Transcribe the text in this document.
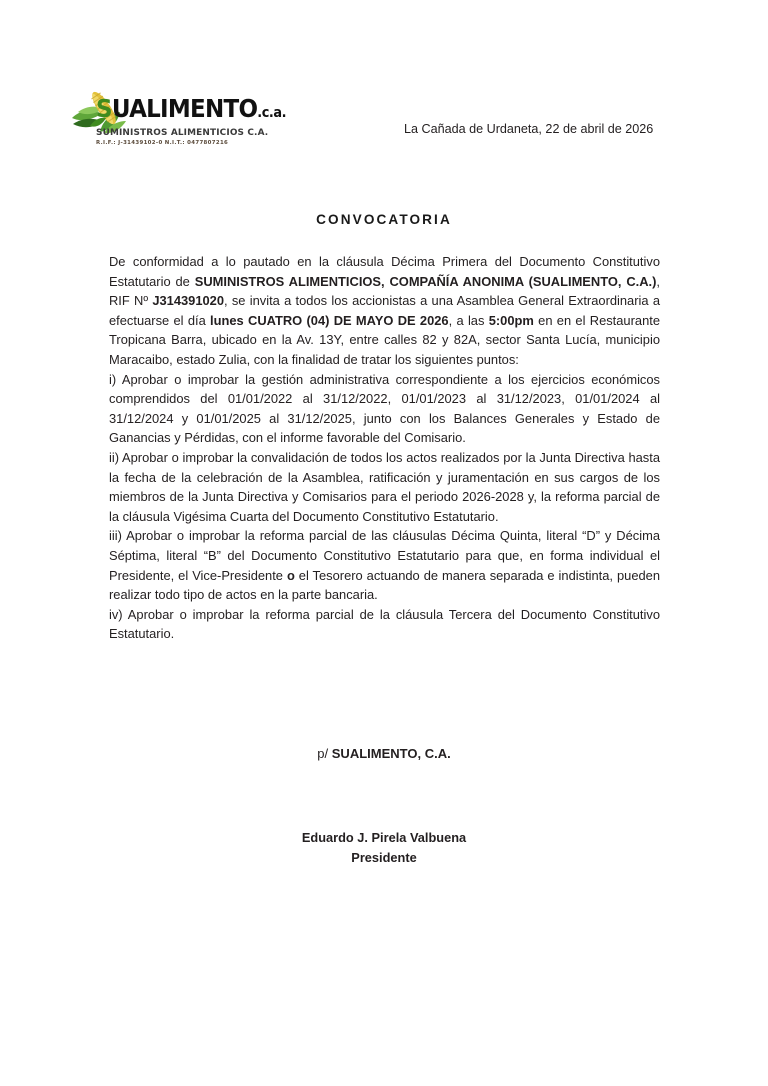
SUALIMENTO.c.a.
SUMINISTROS ALIMENTICIOS C.A.
R.I.F.: J-31439102-0 N.I.T.: 0477807216
La Cañada de Urdaneta, 22 de abril de 2026
CONVOCATORIA

De conformidad a lo pautado en la cláusula Décima Primera del Documento Constitutivo Estatutario de SUMINISTROS ALIMENTICIOS, COMPAÑÍA ANONIMA (SUALIMENTO, C.A.), RIF Nº J314391020, se invita a todos los accionistas a una Asamblea General Extraordinaria a efectuarse el día lunes CUATRO (04) DE MAYO DE 2026, a las 5:00pm en en el Restaurante Tropicana Barra, ubicado en la Av. 13Y, entre calles 82 y 82A, sector Santa Lucía, municipio Maracaibo, estado Zulia, con la finalidad de tratar los siguientes puntos:

i) Aprobar o improbar la gestión administrativa correspondiente a los ejercicios económicos comprendidos del 01/01/2022 al 31/12/2022, 01/01/2023 al 31/12/2023, 01/01/2024 al 31/12/2024 y 01/01/2025 al 31/12/2025, junto con los Balances Generales y Estado de Ganancias y Pérdidas, con el informe favorable del Comisario.

ii) Aprobar o improbar la convalidación de todos los actos realizados por la Junta Directiva hasta la fecha de la celebración de la Asamblea, ratificación y juramentación en sus cargos de los miembros de la Junta Directiva y Comisarios para el periodo 2026-2028 y, la reforma parcial de la cláusula Vigésima Cuarta del Documento Constitutivo Estatutario.

iii) Aprobar o improbar la reforma parcial de las cláusulas Décima Quinta, literal “D” y Décima Séptima, literal “B” del Documento Constitutivo Estatutario para que, en forma individual el Presidente, el Vice-Presidente o el Tesorero actuando de manera separada e indistinta, pueden realizar todo tipo de actos en la parte bancaria.

iv) Aprobar o improbar la reforma parcial de la cláusula Tercera del Documento Constitutivo Estatutario.

p/ SUALIMENTO, C.A.
Eduardo J. Pirela Valbuena
Presidente
